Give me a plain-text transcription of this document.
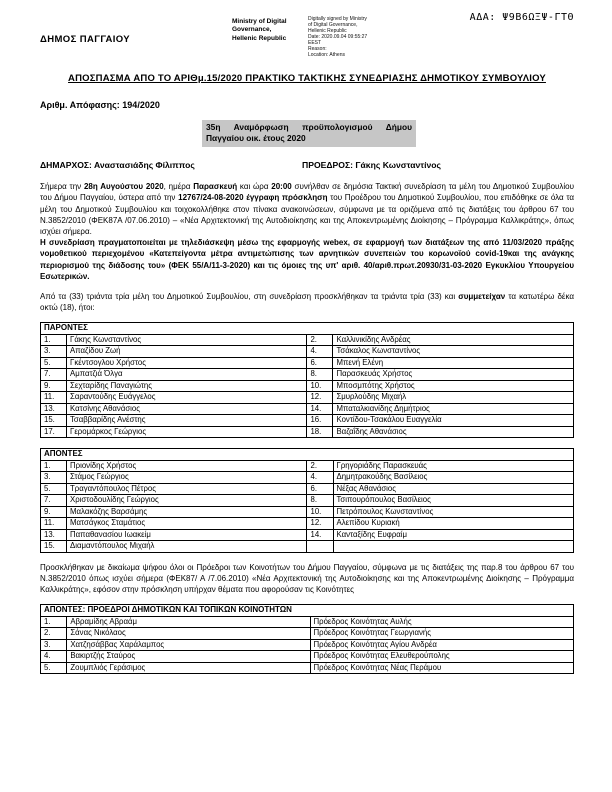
ΔΗΜΟΣ ΠΑΓΓΑΙΟΥ
Ministry of Digital
Governance,
Hellenic Republic
Digitally signed by Ministry
of Digital Governance,
Hellenic Republic
Date: 2020.09.04 09:55:27
EEST
Reason:
Location: Athens
ΑΔΑ: Ψ9Β6ΩΞΨ-ΓΤΘ
ΑΠΟΣΠΑΣΜΑ ΑΠΟ ΤΟ ΑΡΙΘμ.15/2020 ΠΡΑΚΤΙΚΟ ΤΑΚΤΙΚΗΣ ΣΥΝΕΔΡΙΑΣΗΣ ΔΗΜΟΤΙΚΟΥ ΣΥΜΒΟΥΛΙΟΥ
Αριθμ. Απόφασης: 194/2020
35η Αναμόρφωση προϋπολογισμού Δήμου Παγγαίου οικ. έτους 2020
ΔΗΜΑΡΧΟΣ: Αναστασιάδης Φίλιππος	ΠΡΟΕΔΡΟΣ: Γάκης Κωνσταντίνος
Σήμερα την 28η Αυγούστου 2020, ημέρα Παρασκευή και ώρα 20:00 συνήλθαν σε δημόσια Τακτική συνεδρίαση τα μέλη του Δημοτικού Συμβουλίου του Δήμου Παγγαίου, ύστερα από την 12767/24-08-2020 έγγραφη πρόσκληση του Προέδρου του Δημοτικού Συμβουλίου, που επιδόθηκε σε όλα τα μέλη του Δημοτικού Συμβουλίου και τοιχοκολλήθηκε στον πίνακα ανακοινώσεων, σύμφωνα με τα οριζόμενα από τις διατάξεις του άρθρου 67 του Ν.3852/2010 (ΦΕΚ87Α /07.06.2010) – «Νέα Αρχιτεκτονική της Αυτοδιοίκησης και της Αποκεντρωμένης Διοίκησης – Πρόγραμμα Καλλικράτης», όπως ισχύει σήμερα.
Η συνεδρίαση πραγματοποιείται με τηλεδιάσκεψη μέσω της εφαρμογής webex, σε εφαρμογή των διατάξεων της από 11/03/2020 πράξης νομοθετικού περιεχομένου «Κατεπείγοντα μέτρα αντιμετώπισης των αρνητικών συνεπειών του κορωνοϊού covid-19και της ανάγκης περιορισμού της διάδοσης του» (ΦΕΚ 55/Α/11-3-2020) και τις όμοιες της υπ' αριθ. 40/αριθ.πρωτ.20930/31-03-2020 Εγκυκλίου Υπουργείου Εσωτερικών.
Από τα (33) τριάντα τρία μέλη του Δημοτικού Συμβουλίου, στη συνεδρίαση προσκλήθηκαν τα τριάντα τρία (33) και συμμετείχαν τα κατωτέρω δέκα οκτώ (18), ήτοι:
ΠΑΡΟΝΤΕΣ			
1.	Γάκης Κωνσταντίνος	2.	Καλλινικίδης Ανδρέας
3.	Απαζίδου Ζωή	4.	Τσάκαλος Κωνσταντίνος
5.	Γκέντσογλου Χρήστος	6.	Μπενή Ελένη
7.	Αμπατζιά Όλγα	8.	Παρασκευάς Χρήστος
9.	Σεχταρίδης Παναγιώτης	10.	Μποσμπότης Χρήστος
11.	Σαραντούδης Ευάγγελος	12.	Σμυρλούδης Μιχαήλ
13.	Κατσίνης Αθανάσιος	14.	Μπαταλκιανίδης Δημήτριος
15.	Τσαββαρίδης Ανέστης	16.	Κοντίδου-Τσακάλου Ευαγγελία
17.	Γερομάρκος Γεώργιος	18.	Βαζαΐδης Αθανάσιος
ΑΠΟΝΤΕΣ			
1.	Πριονίδης Χρήστος	2.	Γρηγοριάδης Παρασκευάς
3.	Στάμος Γεώργιος	4.	Δημητρακούδης Βασίλειος
5.	Τραγαντόπουλος Πέτρος	6.	Νέξας Αθανάσιος
7.	Χριστοδουλίδης Γεώργιος	8.	Τσιπουρόπουλος Βασίλειος
9.	Μαλακόζης Βαρσάμης	10.	Πετρόπουλος Κωνσταντίνος
11.	Ματσάγκος Σταμάτιος	12.	Αλεπίδου Κυριακή
13.	Παπαθανασίου Ιωακείμ	14.	Κανταξίδης Ευφραίμ
15.	Διαμαντόπουλος Μιχαήλ		
Προσκλήθηκαν με δικαίωμα ψήφου όλοι οι Πρόεδροι των Κοινοτήτων του Δήμου Παγγαίου, σύμφωνα με τις διατάξεις της παρ.8 του άρθρου 67 του Ν.3852/2010 όπως ισχύει σήμερα (ΦΕΚ87/ Α /7.06.2010) «Νέα Αρχιτεκτονική της Αυτοδιοίκησης και της Αποκεντρωμένης Διοίκησης – Πρόγραμμα Καλλικράτης», εφόσον στην πρόσκληση υπήρχαν θέματα που αφορούσαν τις Κοινότητες
ΑΠΟΝΤΕΣ: ΠΡΟΕΔΡΟΙ ΔΗΜΟΤΙΚΩΝ ΚΑΙ ΤΟΠΙΚΩΝ ΚΟΙΝΟΤΗΤΩΝ		
1.	Αβραμίδης Αβραάμ	Πρόεδρος Κοινότητας Αυλής
2.	Σάνας Νικόλαος	Πρόεδρος Κοινότητας Γεωργιανής
3.	Χατζησάββας Χαράλαμπος	Πρόεδρος Κοινότητας Αγίου Ανδρέα
4.	Βακιρτζής Σταύρος	Πρόεδρος Κοινότητας Ελευθερούπολης
5.	Ζουμπλιός Γεράσιμος	Πρόεδρος Κοινότητας Νέας Περάμου
